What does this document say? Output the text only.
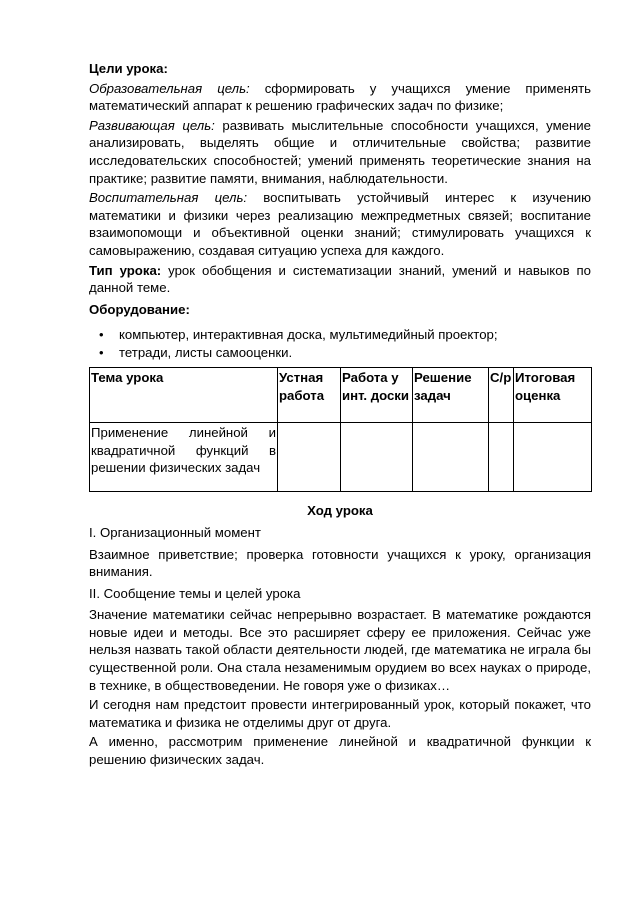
Цели урока:

Образовательная цель: сформировать у учащихся умение применять математический аппарат к решению графических задач по физике;

Развивающая цель: развивать мыслительные способности учащихся, умение анализировать, выделять общие и отличительные свойства; развитие исследовательских способностей; умений применять теоретические знания на практике; развитие памяти, внимания, наблюдательности.

Воспитательная цель: воспитывать устойчивый интерес к изучению математики и физики через реализацию межпредметных связей; воспитание взаимопомощи и объективной оценки знаний; стимулировать учащихся к самовыражению, создавая ситуацию успеха для каждого.

Тип урока: урок обобщения и систематизации знаний, умений и навыков по данной теме.

Оборудование:

• компьютер, интерактивная доска, мультимедийный проектор;
• тетради, листы самооценки.
Тема урока	Устная работа	Работа у инт. доски	Решение задач	С/р	Итоговая оценка
Применение линейной и квадратичной функций в решении физических задач					

Ход урока

I. Организационный момент

Взаимное приветствие; проверка готовности учащихся к уроку, организация внимания.

II. Сообщение темы и целей урока

Значение математики сейчас непрерывно возрастает. В математике рождаются новые идеи и методы. Все это расширяет сферу ее приложения. Сейчас уже нельзя назвать такой области деятельности людей, где математика не играла бы существенной роли. Она стала незаменимым орудием во всех науках о природе, в технике, в обществоведении. Не говоря уже о физиках…

И сегодня нам предстоит провести интегрированный урок, который покажет, что математика и физика не отделимы друг от друга.

А именно, рассмотрим применение линейной и квадратичной функции к решению физических задач.
